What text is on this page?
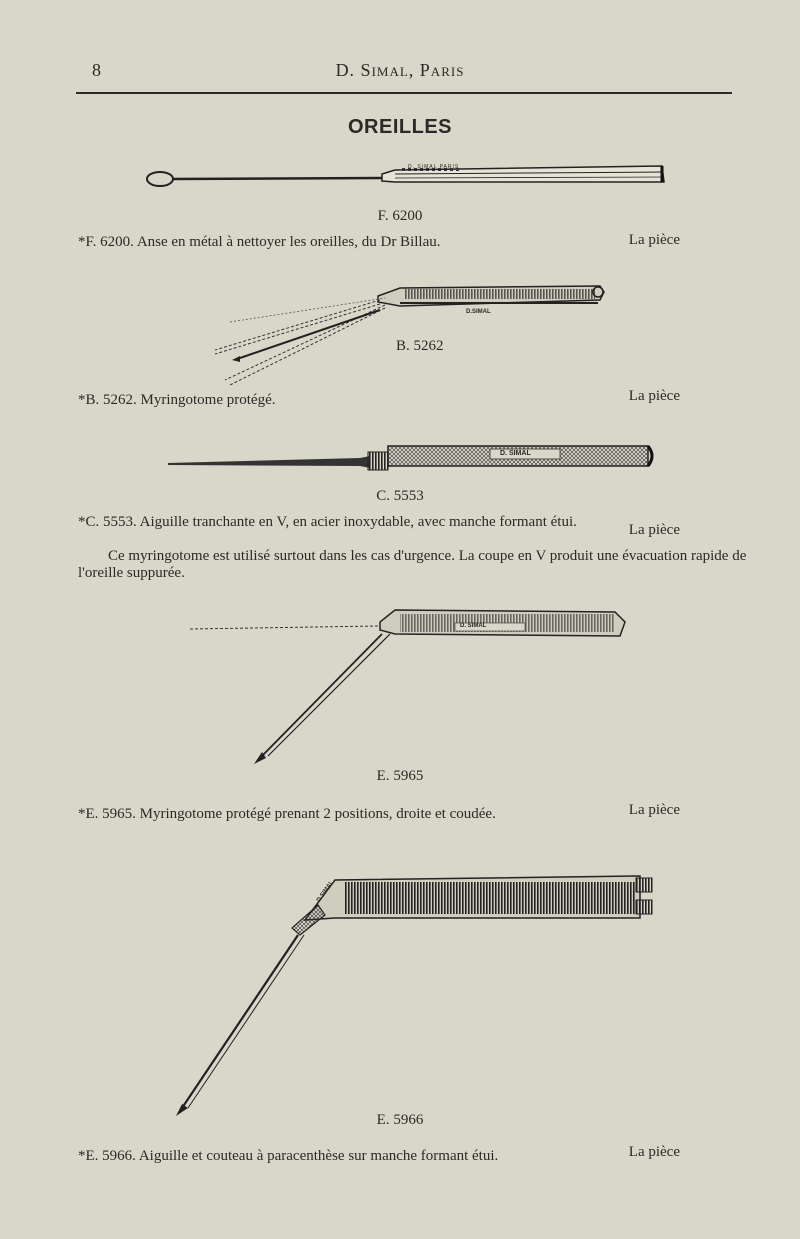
8	D. Simal, Paris
OREILLES
F. 6200
*F. 6200. Anse en métal à nettoyer les oreilles, du Dr Billau.	La pièce
B. 5262
*B. 5262. Myringotome protégé.	La pièce
C. 5553
*C. 5553. Aiguille tranchante en V, en acier inoxydable, avec manche formant étui.	La pièce
Ce myringotome est utilisé surtout dans les cas d'urgence. La coupe en V produit une évacuation rapide de l'oreille suppurée.
E. 5965
*E. 5965. Myringotome protégé prenant 2 positions, droite et coudée.	La pièce
E. 5966
*E. 5966. Aiguille et couteau à paracenthèse sur manche formant étui.	La pièce
D. SIMAL PARIS
D.SIMAL
D. SIMAL
D. SIMAL
D.SIMAL
